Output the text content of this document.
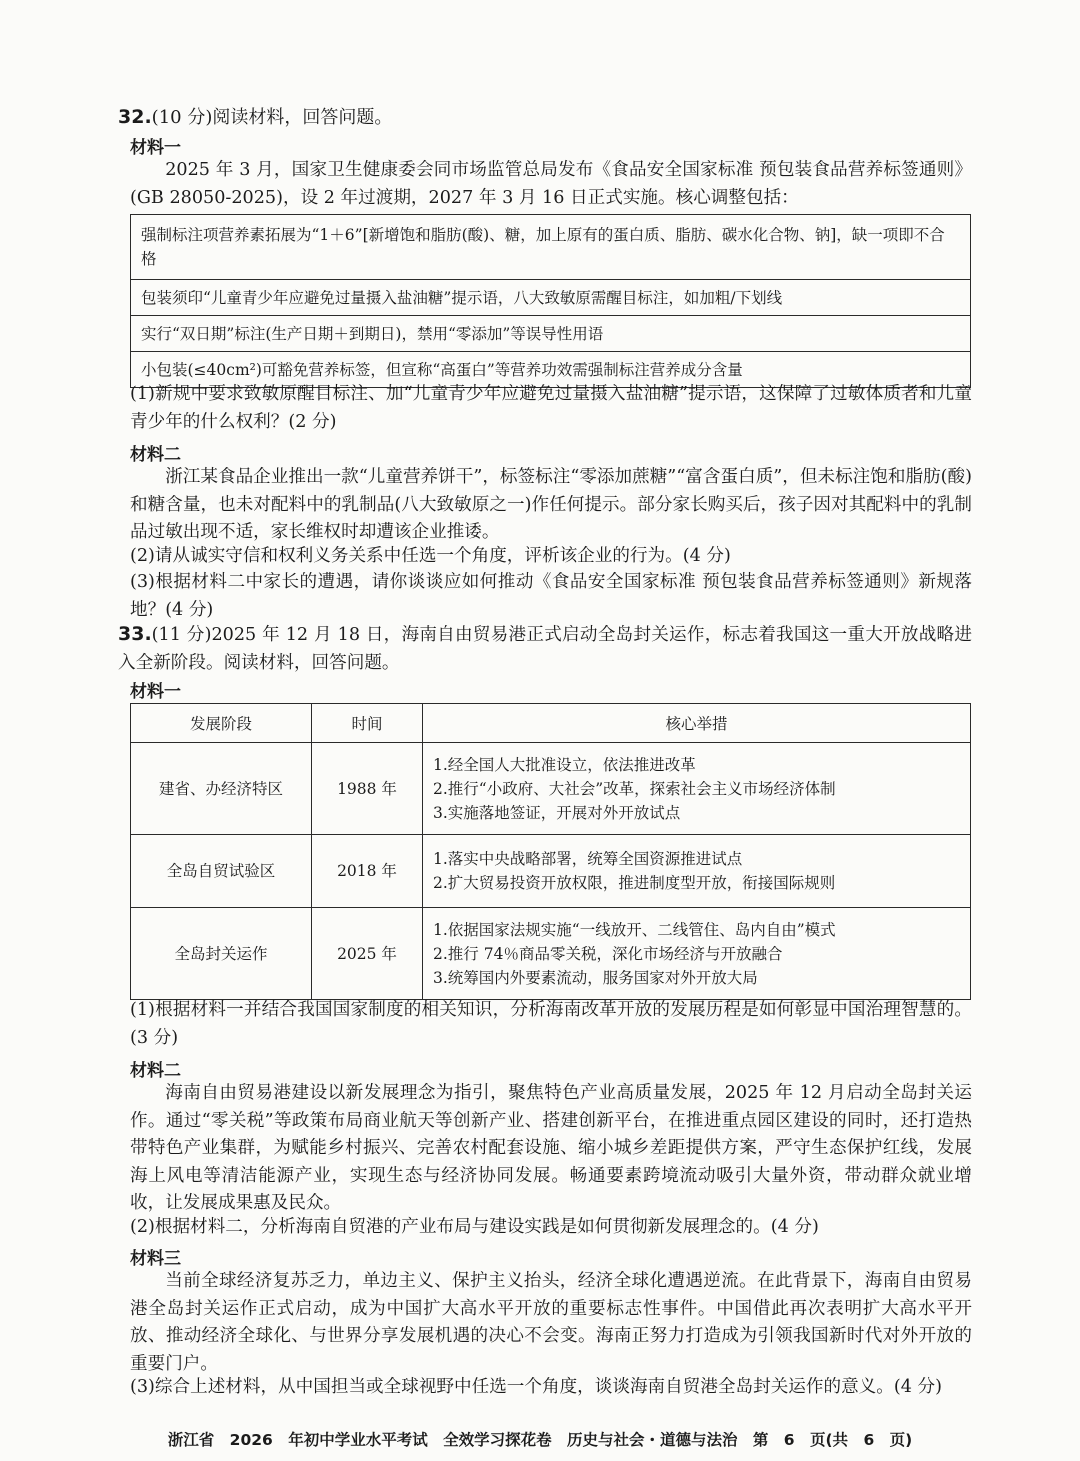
32.(10 分)阅读材料，回答问题。
材料一
2025 年 3 月，国家卫生健康委会同市场监管总局发布《食品安全国家标准 预包装食品营养标签通则》(GB 28050-2025)，设 2 年过渡期，2027 年 3 月 16 日正式实施。核心调整包括：
强制标注项营养素拓展为“1＋6”[新增饱和脂肪(酸)、糖，加上原有的蛋白质、脂肪、碳水化合物、钠]，缺一项即不合格
包装须印“儿童青少年应避免过量摄入盐油糖”提示语，八大致敏原需醒目标注，如加粗/下划线
实行“双日期”标注(生产日期＋到期日)，禁用“零添加”等误导性用语
小包装(≤40cm²)可豁免营养标签，但宣称“高蛋白”等营养功效需强制标注营养成分含量
(1)新规中要求致敏原醒目标注、加“儿童青少年应避免过量摄入盐油糖”提示语，这保障了过敏体质者和儿童青少年的什么权利？(2 分)
材料二
浙江某食品企业推出一款“儿童营养饼干”，标签标注“零添加蔗糖”“富含蛋白质”，但未标注饱和脂肪(酸)和糖含量，也未对配料中的乳制品(八大致敏原之一)作任何提示。部分家长购买后，孩子因对其配料中的乳制品过敏出现不适，家长维权时却遭该企业推诿。
(2)请从诚实守信和权利义务关系中任选一个角度，评析该企业的行为。(4 分)
(3)根据材料二中家长的遭遇，请你谈谈应如何推动《食品安全国家标准 预包装食品营养标签通则》新规落地？(4 分)
33.(11 分)2025 年 12 月 18 日，海南自由贸易港正式启动全岛封关运作，标志着我国这一重大开放战略进入全新阶段。阅读材料，回答问题。
材料一
发展阶段	时间	核心举措
建省、办经济特区	1988 年	1.经全国人大批准设立，依法推进改革
2.推行“小政府、大社会”改革，探索社会主义市场经济体制
3.实施落地签证，开展对外开放试点

全岛自贸试验区	2018 年	1.落实中央战略部署，统筹全国资源推进试点
2.扩大贸易投资开放权限，推进制度型开放，衔接国际规则

全岛封关运作	2025 年	1.依据国家法规实施“一线放开、二线管住、岛内自由”模式
2.推行 74％商品零关税，深化市场经济与开放融合
3.统筹国内外要素流动，服务国家对外开放大局
(1)根据材料一并结合我国国家制度的相关知识，分析海南改革开放的发展历程是如何彰显中国治理智慧的。(3 分)
材料二
海南自由贸易港建设以新发展理念为指引，聚焦特色产业高质量发展，2025 年 12 月启动全岛封关运作。通过“零关税”等政策布局商业航天等创新产业、搭建创新平台，在推进重点园区建设的同时，还打造热带特色产业集群，为赋能乡村振兴、完善农村配套设施、缩小城乡差距提供方案，严守生态保护红线，发展海上风电等清洁能源产业，实现生态与经济协同发展。畅通要素跨境流动吸引大量外资，带动群众就业增收，让发展成果惠及民众。
(2)根据材料二，分析海南自贸港的产业布局与建设实践是如何贯彻新发展理念的。(4 分)
材料三
当前全球经济复苏乏力，单边主义、保护主义抬头，经济全球化遭遇逆流。在此背景下，海南自由贸易港全岛封关运作正式启动，成为中国扩大高水平开放的重要标志性事件。中国借此再次表明扩大高水平开放、推动经济全球化、与世界分享发展机遇的决心不会变。海南正努力打造成为引领我国新时代对外开放的重要门户。
(3)综合上述材料，从中国担当或全球视野中任选一个角度，谈谈海南自贸港全岛封关运作的意义。(4 分)
浙江省 2026 年初中学业水平考试 全效学习探花卷 历史与社会・道德与法治 第 6 页(共 6 页)
